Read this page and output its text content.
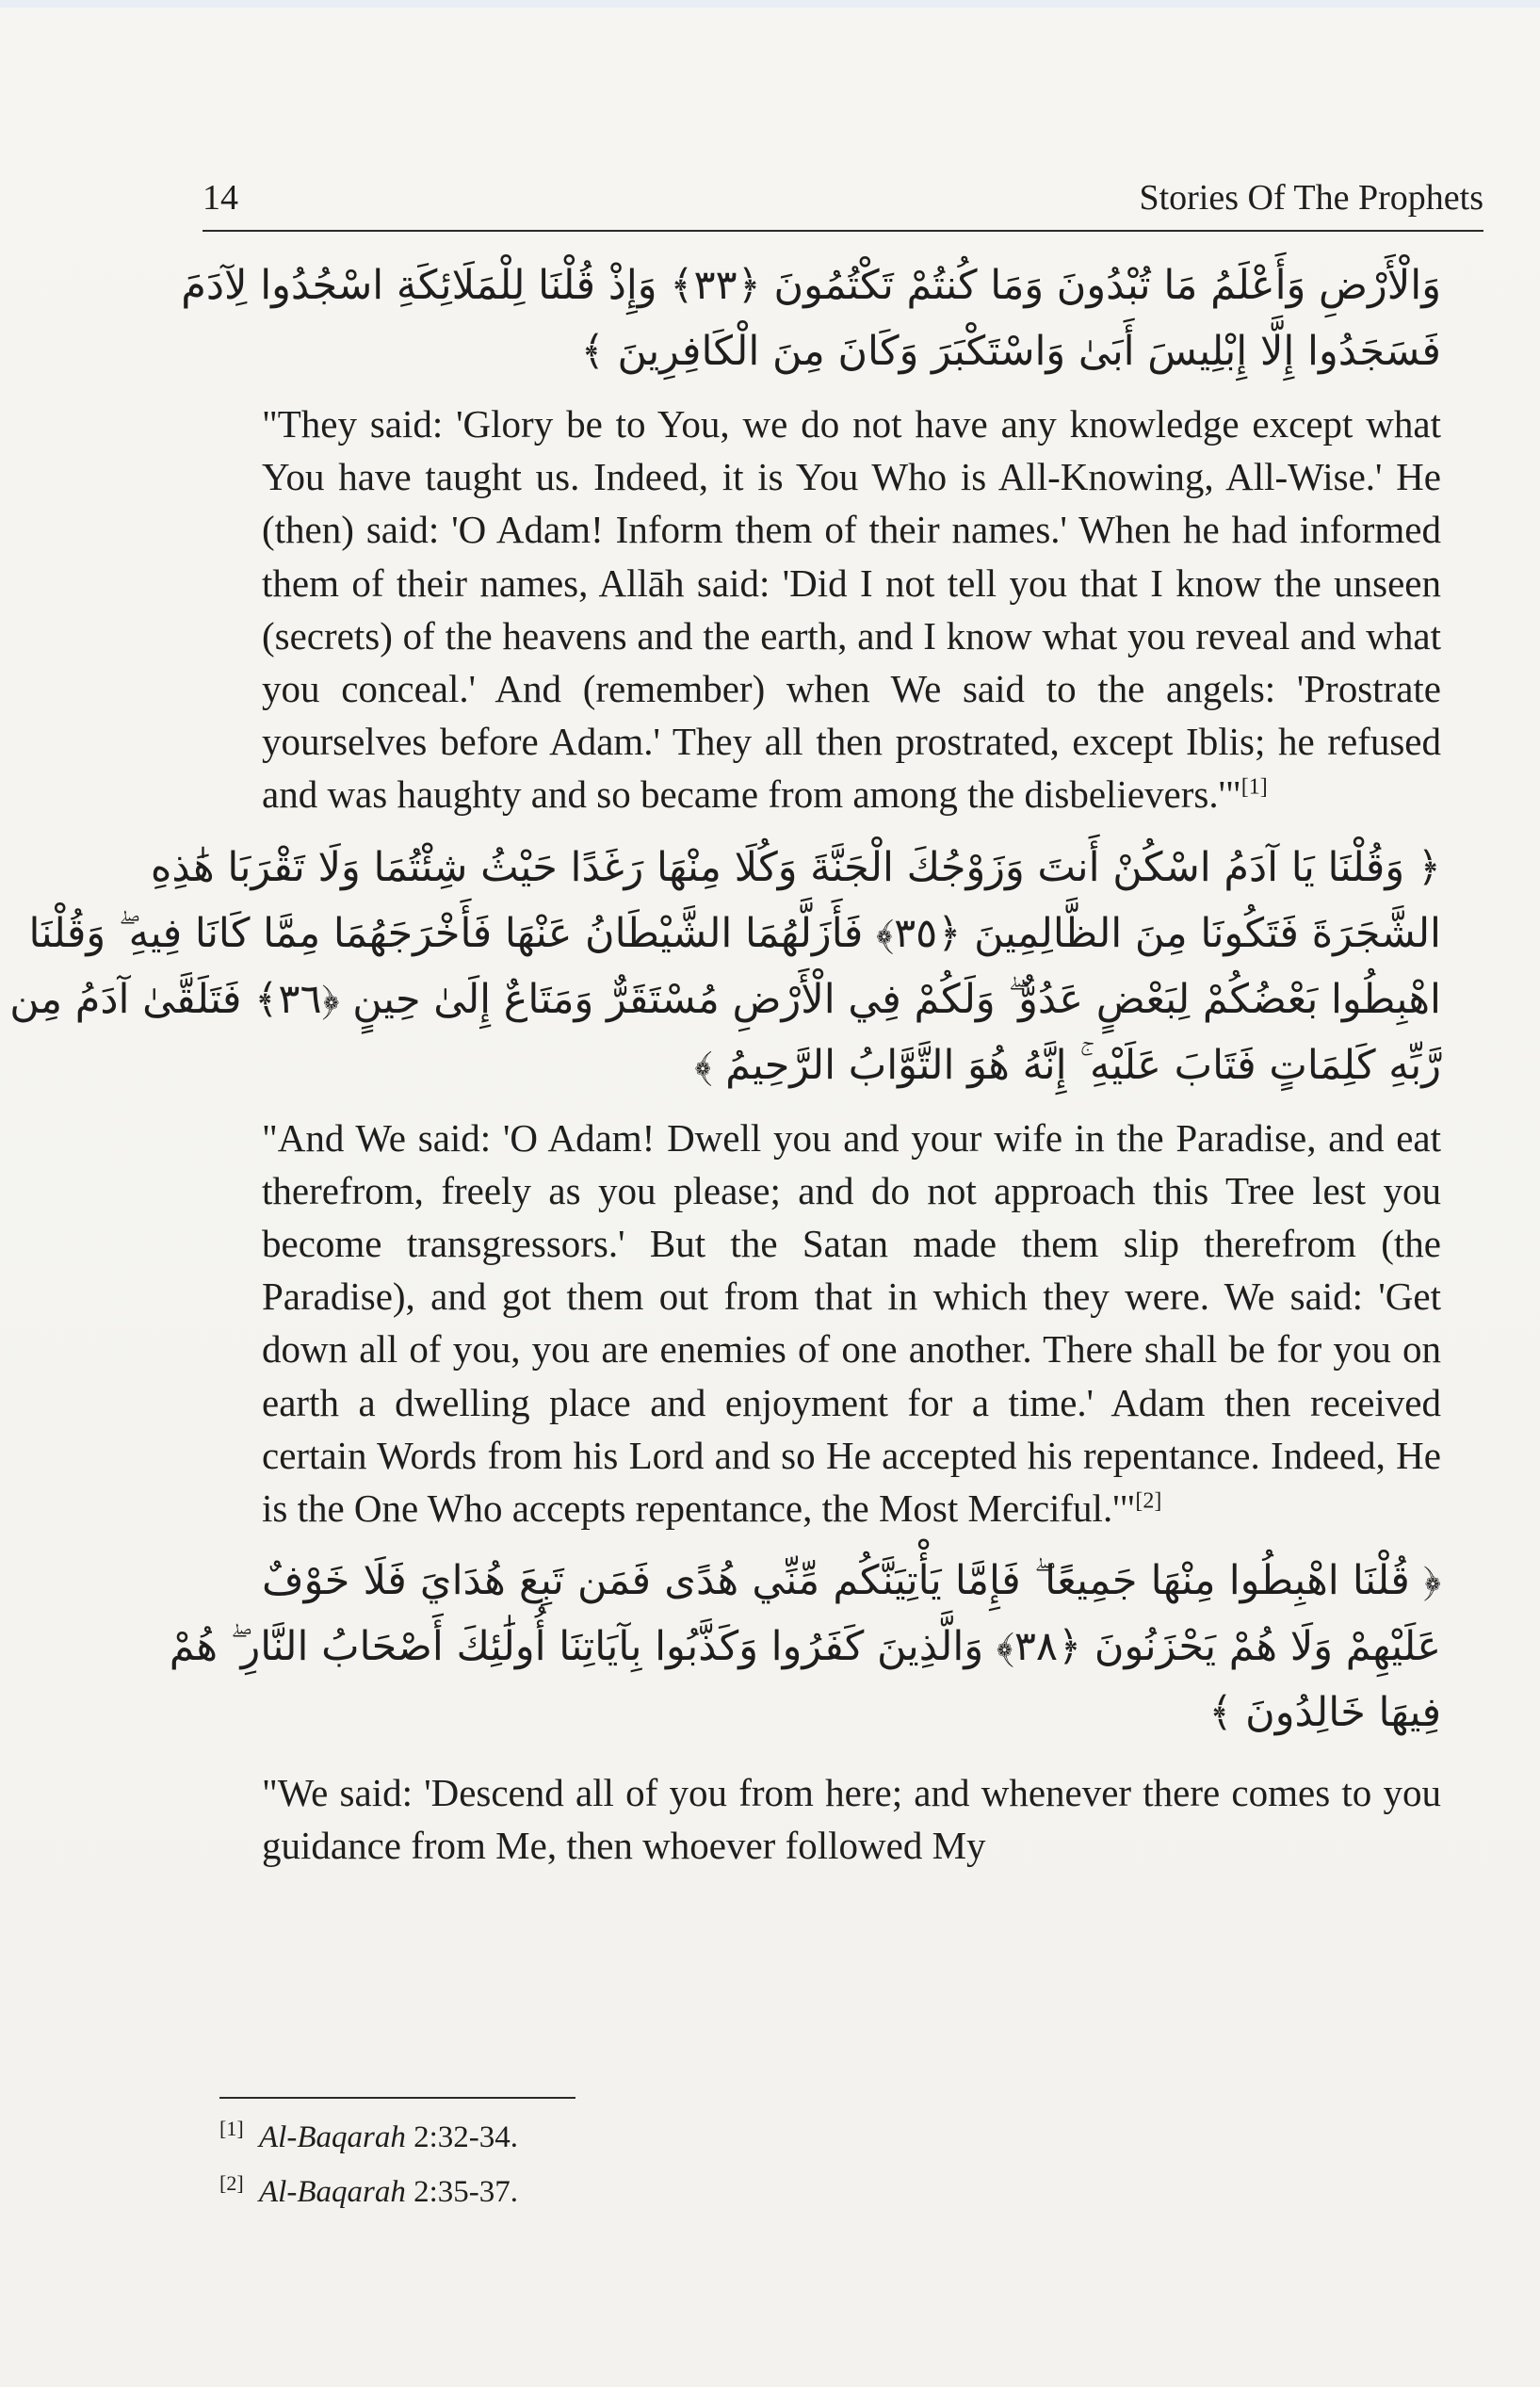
14	Stories Of The Prophets
وَالْأَرْضِ وَأَعْلَمُ مَا تُبْدُونَ وَمَا كُنتُمْ تَكْتُمُونَ ﴿٣٣﴾ وَإِذْ قُلْنَا لِلْمَلَائِكَةِ اسْجُدُوا لِآدَمَ
فَسَجَدُوا إِلَّا إِبْلِيسَ أَبَىٰ وَاسْتَكْبَرَ وَكَانَ مِنَ الْكَافِرِينَ ﴾

"They said: 'Glory be to You, we do not have any knowledge except what You have taught us. Indeed, it is You Who is All-Knowing, All-Wise.' He (then) said: 'O Adam! Inform them of their names.' When he had informed them of their names, Allāh said: 'Did I not tell you that I know the unseen (secrets) of the heavens and the earth, and I know what you reveal and what you conceal.' And (remember) when We said to the angels: 'Prostrate yourselves before Adam.' They all then prostrated, except Iblis; he refused and was haughty and so became from among the disbelievers.'"[1]

﴿ وَقُلْنَا يَا آدَمُ اسْكُنْ أَنتَ وَزَوْجُكَ الْجَنَّةَ وَكُلَا مِنْهَا رَغَدًا حَيْثُ شِئْتُمَا وَلَا تَقْرَبَا هَٰذِهِ
الشَّجَرَةَ فَتَكُونَا مِنَ الظَّالِمِينَ ﴿٣٥﴾ فَأَزَلَّهُمَا الشَّيْطَانُ عَنْهَا فَأَخْرَجَهُمَا مِمَّا كَانَا فِيهِ ۖ وَقُلْنَا
اهْبِطُوا بَعْضُكُمْ لِبَعْضٍ عَدُوٌّ ۖ وَلَكُمْ فِي الْأَرْضِ مُسْتَقَرٌّ وَمَتَاعٌ إِلَىٰ حِينٍ ﴿٣٦﴾ فَتَلَقَّىٰ آدَمُ مِن
رَّبِّهِ كَلِمَاتٍ فَتَابَ عَلَيْهِ ۚ إِنَّهُ هُوَ التَّوَّابُ الرَّحِيمُ ﴾

"And We said: 'O Adam! Dwell you and your wife in the Paradise, and eat therefrom, freely as you please; and do not approach this Tree lest you become transgressors.' But the Satan made them slip therefrom (the Paradise), and got them out from that in which they were. We said: 'Get down all of you, you are enemies of one another. There shall be for you on earth a dwelling place and enjoyment for a time.' Adam then received certain Words from his Lord and so He accepted his repentance. Indeed, He is the One Who accepts repentance, the Most Merciful.'"[2]

﴿ قُلْنَا اهْبِطُوا مِنْهَا جَمِيعًا ۖ فَإِمَّا يَأْتِيَنَّكُم مِّنِّي هُدًى فَمَن تَبِعَ هُدَايَ فَلَا خَوْفٌ
عَلَيْهِمْ وَلَا هُمْ يَحْزَنُونَ ﴿٣٨﴾ وَالَّذِينَ كَفَرُوا وَكَذَّبُوا بِآيَاتِنَا أُولَٰئِكَ أَصْحَابُ النَّارِ ۖ هُمْ
فِيهَا خَالِدُونَ ﴾

"We said: 'Descend all of you from here; and whenever there comes to you guidance from Me, then whoever followed My

[1] Al-Baqarah 2:32-34.
[2] Al-Baqarah 2:35-37.
